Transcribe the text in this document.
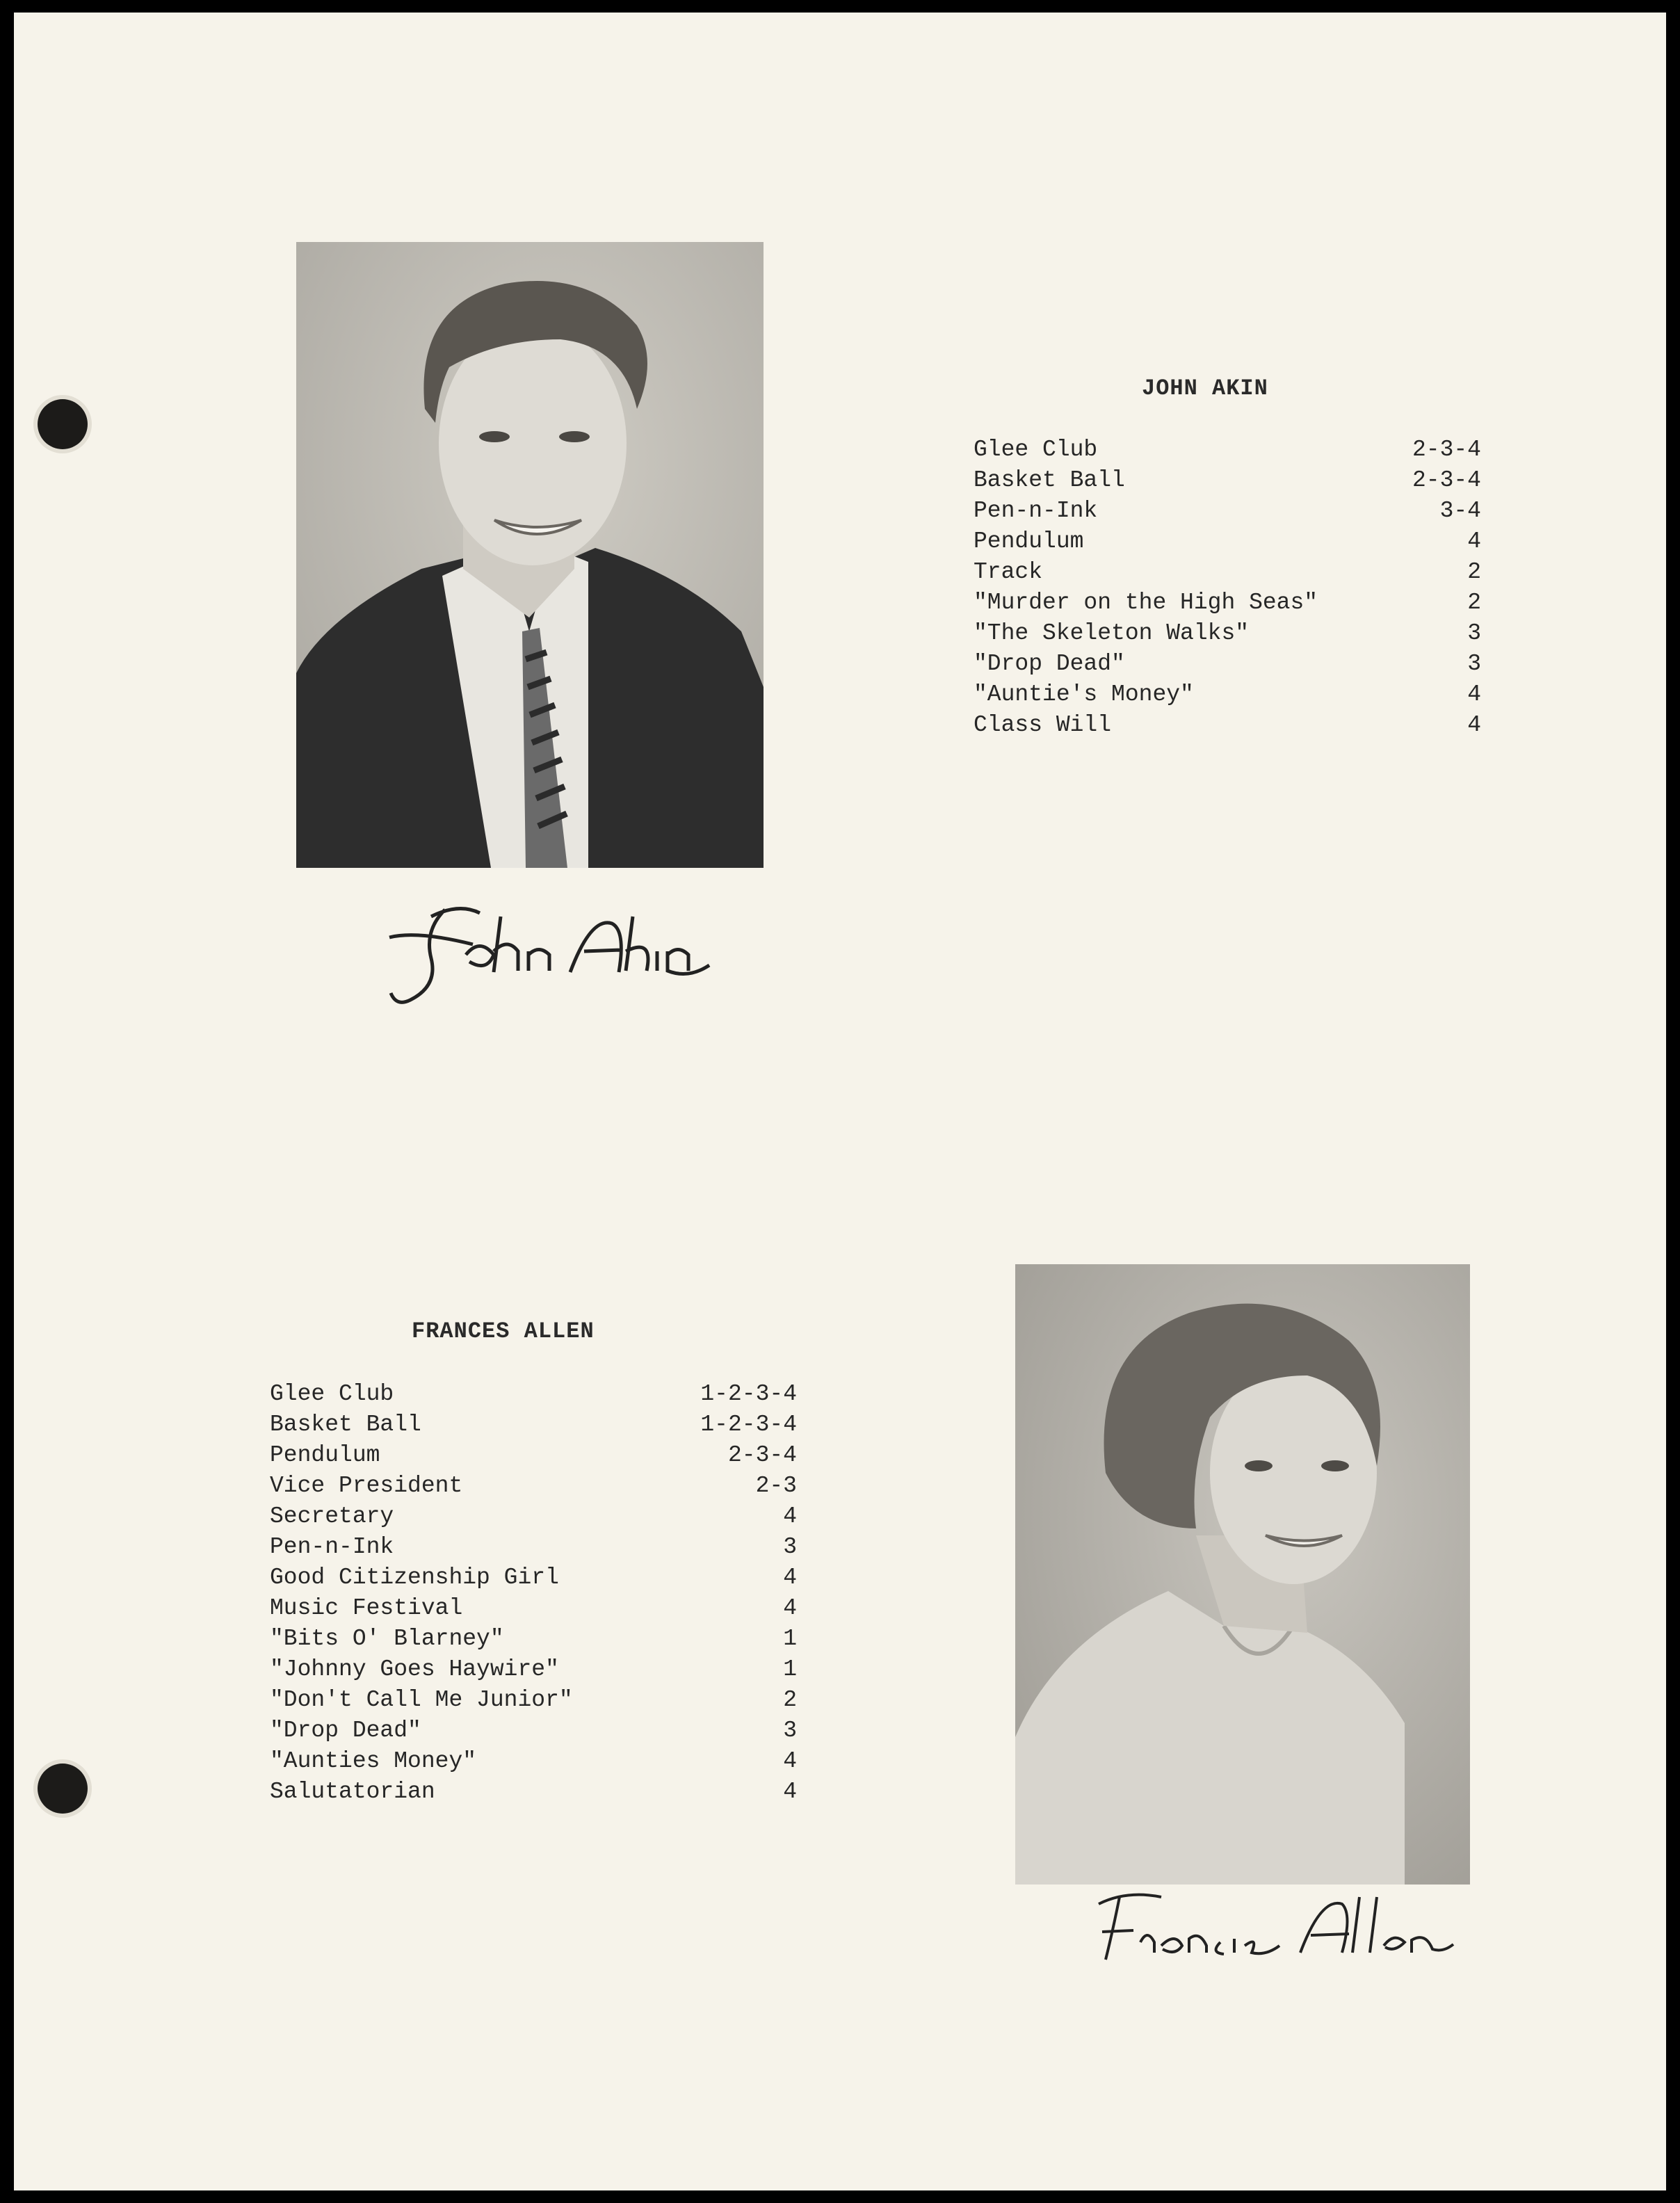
John Akin
JOHN AKIN
Glee Club	2-3-4
Basket Ball	2-3-4
Pen-n-Ink	3-4
Pendulum	4
Track	2
"Murder on the High Seas"	2
"The Skeleton Walks"	3
"Drop Dead"	3
"Auntie's Money"	4
Class Will	4
FRANCES ALLEN
Glee Club	1-2-3-4
Basket Ball	1-2-3-4
Pendulum	2-3-4
Vice President	2-3
Secretary	4
Pen-n-Ink	3
Good Citizenship Girl	4
Music Festival	4
"Bits O' Blarney"	1
"Johnny Goes Haywire"	1
"Don't Call Me Junior"	2
"Drop Dead"	3
"Aunties Money"	4
Salutatorian	4
Francis Allen
